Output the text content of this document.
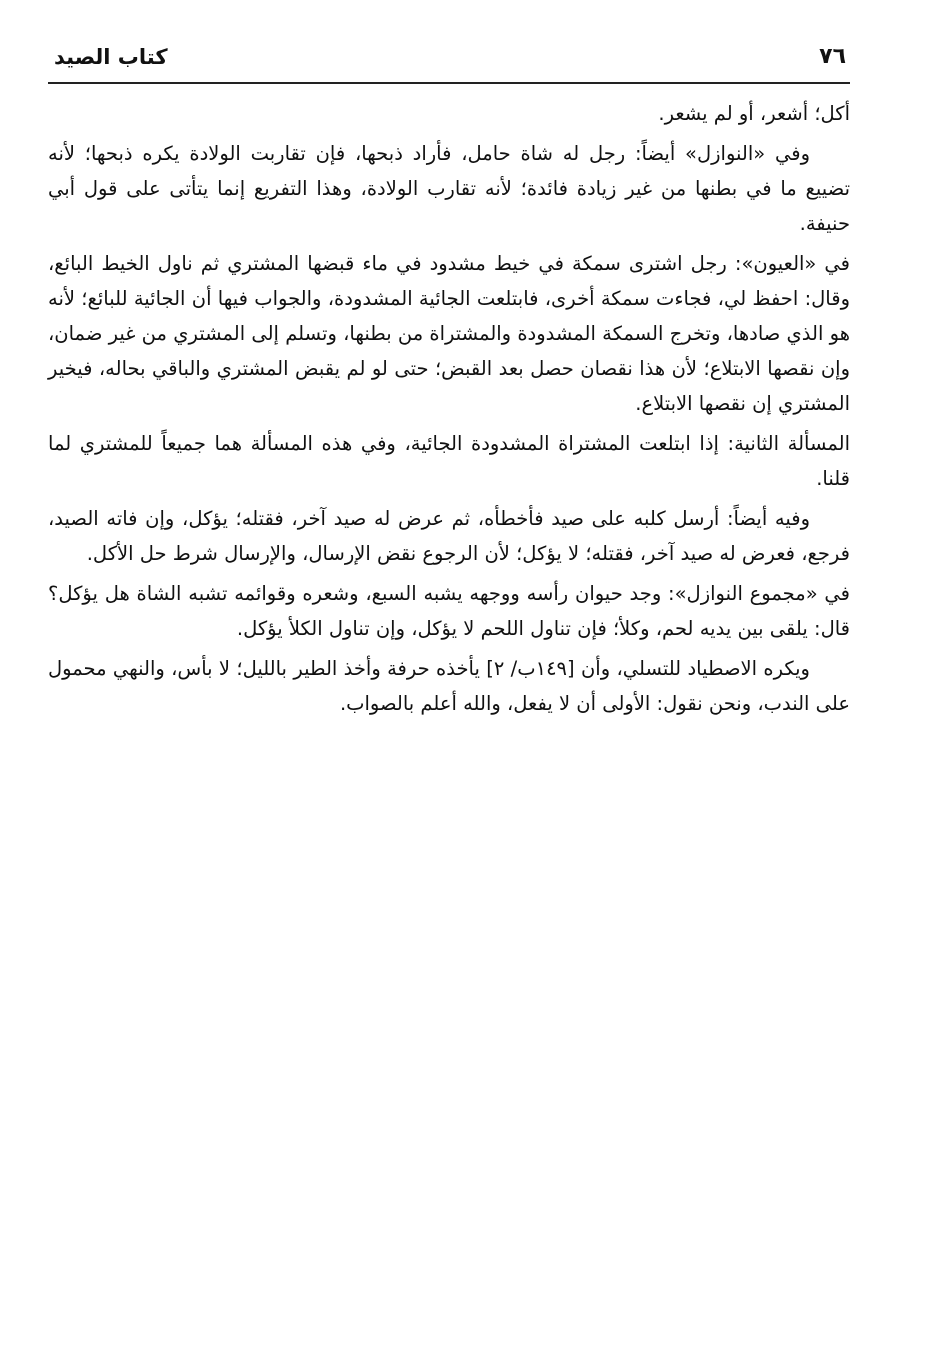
٧٦
كتاب الصيد

أكل؛ أشعر، أو لم يشعر.

وفي «النوازل» أيضاً: رجل له شاة حامل، فأراد ذبحها، فإن تقاربت الولادة يكره ذبحها؛ لأنه تضييع ما في بطنها من غير زيادة فائدة؛ لأنه تقارب الولادة، وهذا التفريع إنما يتأتى على قول أبي حنيفة.

في «العيون»: رجل اشترى سمكة في خيط مشدود في ماء قبضها المشتري ثم ناول الخيط البائع، وقال: احفظ لي، فجاءت سمكة أخرى، فابتلعت الجائية المشدودة، والجواب فيها أن الجائية للبائع؛ لأنه هو الذي صادها، وتخرج السمكة المشدودة والمشتراة من بطنها، وتسلم إلى المشتري من غير ضمان، وإن نقصها الابتلاع؛ لأن هذا نقصان حصل بعد القبض؛ حتى لو لم يقبض المشتري والباقي بحاله، فيخير المشتري إن نقصها الابتلاع.

المسألة الثانية: إذا ابتلعت المشتراة المشدودة الجائية، وفي هذه المسألة هما جميعاً للمشتري لما قلنا.

وفيه أيضاً: أرسل كلبه على صيد فأخطأه، ثم عرض له صيد آخر، فقتله؛ يؤكل، وإن فاته الصيد، فرجع، فعرض له صيد آخر، فقتله؛ لا يؤكل؛ لأن الرجوع نقض الإرسال، والإرسال شرط حل الأكل.

في «مجموع النوازل»: وجد حيوان رأسه ووجهه يشبه السبع، وشعره وقوائمه تشبه الشاة هل يؤكل؟ قال: يلقى بين يديه لحم، وكلأ؛ فإن تناول اللحم لا يؤكل، وإن تناول الكلأ يؤكل.

ويكره الاصطياد للتسلي، وأن [١٤٩ب/ ٢] يأخذه حرفة وأخذ الطير بالليل؛ لا بأس، والنهي محمول على الندب، ونحن نقول: الأولى أن لا يفعل، والله أعلم بالصواب.
